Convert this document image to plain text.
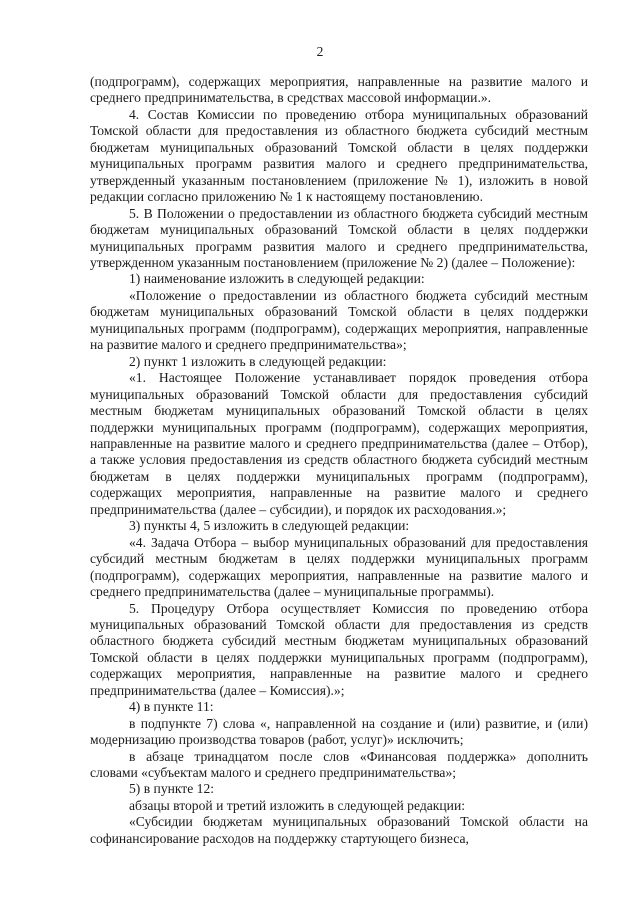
2

(подпрограмм), содержащих мероприятия, направленные на развитие малого и среднего предпринимательства, в средствах массовой информации.».

4. Состав Комиссии по проведению отбора муниципальных образований Томской области для предоставления из областного бюджета субсидий местным бюджетам муниципальных образований Томской области в целях поддержки муниципальных программ развития малого и среднего предпринимательства, утвержденный указанным постановлением (приложение № 1), изложить в новой редакции согласно приложению № 1 к настоящему постановлению.

5. В Положении о предоставлении из областного бюджета субсидий местным бюджетам муниципальных образований Томской области в целях поддержки муниципальных программ развития малого и среднего предпринимательства, утвержденном указанным постановлением (приложение № 2) (далее – Положение):

1) наименование изложить в следующей редакции:

«Положение о предоставлении из областного бюджета субсидий местным бюджетам муниципальных образований Томской области в целях поддержки муниципальных программ (подпрограмм), содержащих мероприятия, направленные на развитие малого и среднего предпринимательства»;

2) пункт 1 изложить в следующей редакции:

«1. Настоящее Положение устанавливает порядок проведения отбора муниципальных образований Томской области для предоставления субсидий местным бюджетам муниципальных образований Томской области в целях поддержки муниципальных программ (подпрограмм), содержащих мероприятия, направленные на развитие малого и среднего предпринимательства (далее – Отбор), а также условия предоставления из средств областного бюджета субсидий местным бюджетам в целях поддержки муниципальных программ (подпрограмм), содержащих мероприятия, направленные на развитие малого и среднего предпринимательства (далее – субсидии), и порядок их расходования.»;

3) пункты 4, 5 изложить в следующей редакции:

«4. Задача Отбора – выбор муниципальных образований для предоставления субсидий местным бюджетам в целях поддержки муниципальных программ (подпрограмм), содержащих мероприятия, направленные на развитие малого и среднего предпринимательства (далее – муниципальные программы).

5. Процедуру Отбора осуществляет Комиссия по проведению отбора муниципальных образований Томской области для предоставления из средств областного бюджета субсидий местным бюджетам муниципальных образований Томской области в целях поддержки муниципальных программ (подпрограмм), содержащих мероприятия, направленные на развитие малого и среднего предпринимательства (далее – Комиссия).»;

4) в пункте 11:

в подпункте 7) слова «, направленной на создание и (или) развитие, и (или) модернизацию производства товаров (работ, услуг)» исключить;

в абзаце тринадцатом после слов «Финансовая поддержка» дополнить словами «субъектам малого и среднего предпринимательства»;

5) в пункте 12:

абзацы второй и третий изложить в следующей редакции:

«Субсидии бюджетам муниципальных образований Томской области на софинансирование расходов на поддержку стартующего бизнеса,
